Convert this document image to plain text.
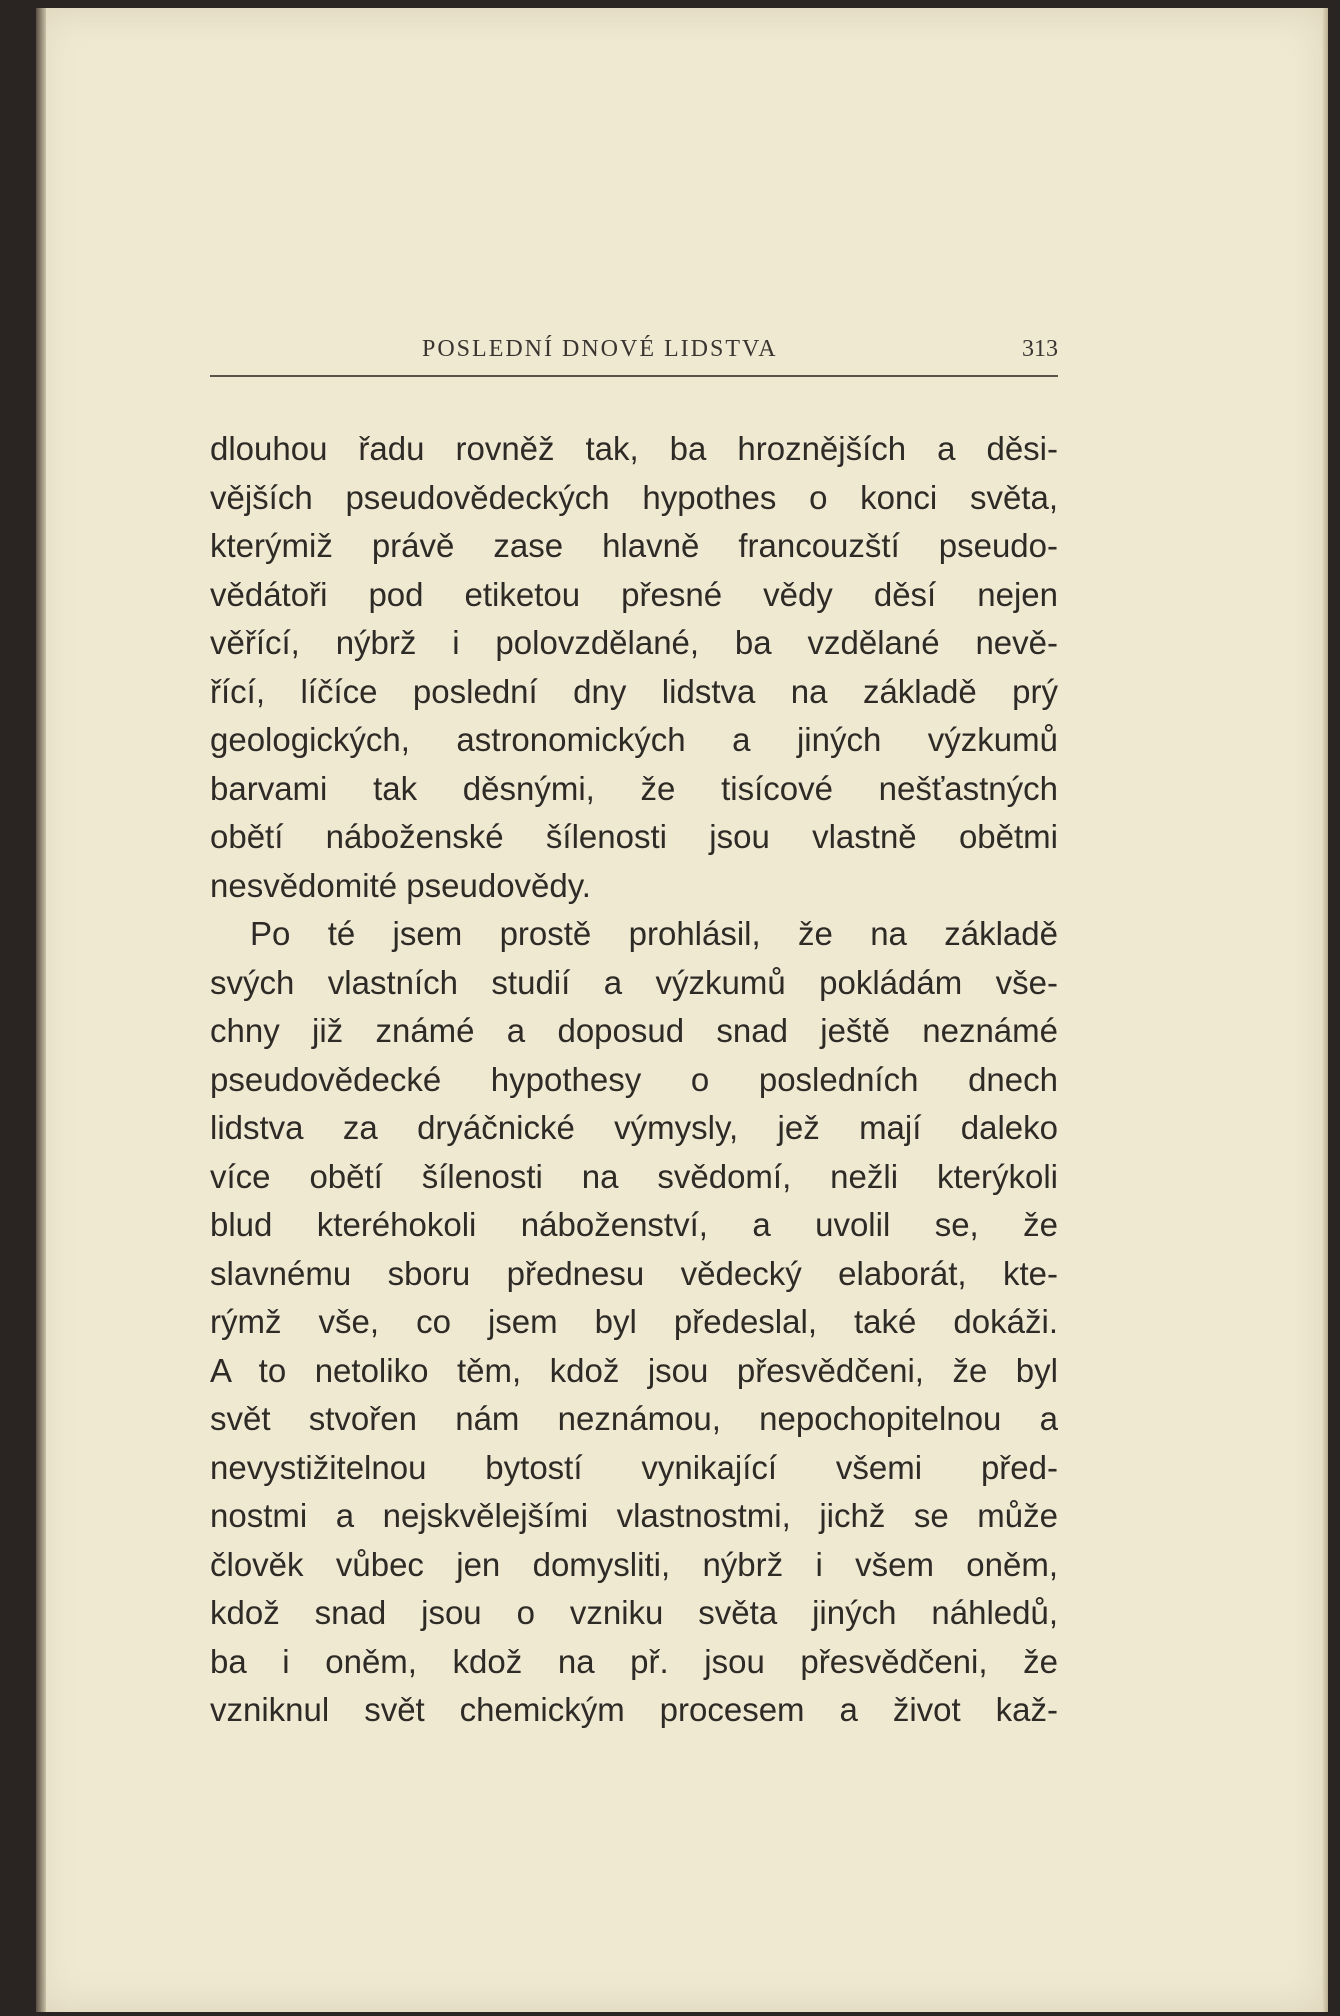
POSLEDNÍ DNOVÉ LIDSTVA	313
dlouhou řadu rovněž tak, ba hroznějších a děsi-
vějších pseudovědeckých hypothes o konci světa,
kterýmiž právě zase hlavně francouzští pseudo-
vědátoři pod etiketou přesné vědy děsí nejen
věřící, nýbrž i polovzdělané, ba vzdělané nevě-
řící, líčíce poslední dny lidstva na základě prý
geologických, astronomických a jiných výzkumů
barvami tak děsnými, že tisícové nešťastných
obětí náboženské šílenosti jsou vlastně obětmi
nesvědomité pseudovědy.
Po té jsem prostě prohlásil, že na základě
svých vlastních studií a výzkumů pokládám vše-
chny již známé a doposud snad ještě neznámé
pseudovědecké hypothesy o posledních dnech
lidstva za dryáčnické výmysly, jež mají daleko
více obětí šílenosti na svědomí, nežli kterýkoli
blud kteréhokoli náboženství, a uvolil se, že
slavnému sboru přednesu vědecký elaborát, kte-
rýmž vše, co jsem byl předeslal, také dokáži.
A to netoliko těm, kdož jsou přesvědčeni, že byl
svět stvořen nám neznámou, nepochopitelnou a
nevystižitelnou bytostí vynikající všemi před-
nostmi a nejskvělejšími vlastnostmi, jichž se může
člověk vůbec jen domysliti, nýbrž i všem oněm,
kdož snad jsou o vzniku světa jiných náhledů,
ba i oněm, kdož na př. jsou přesvědčeni, že
vzniknul svět chemickým procesem a život kaž-
